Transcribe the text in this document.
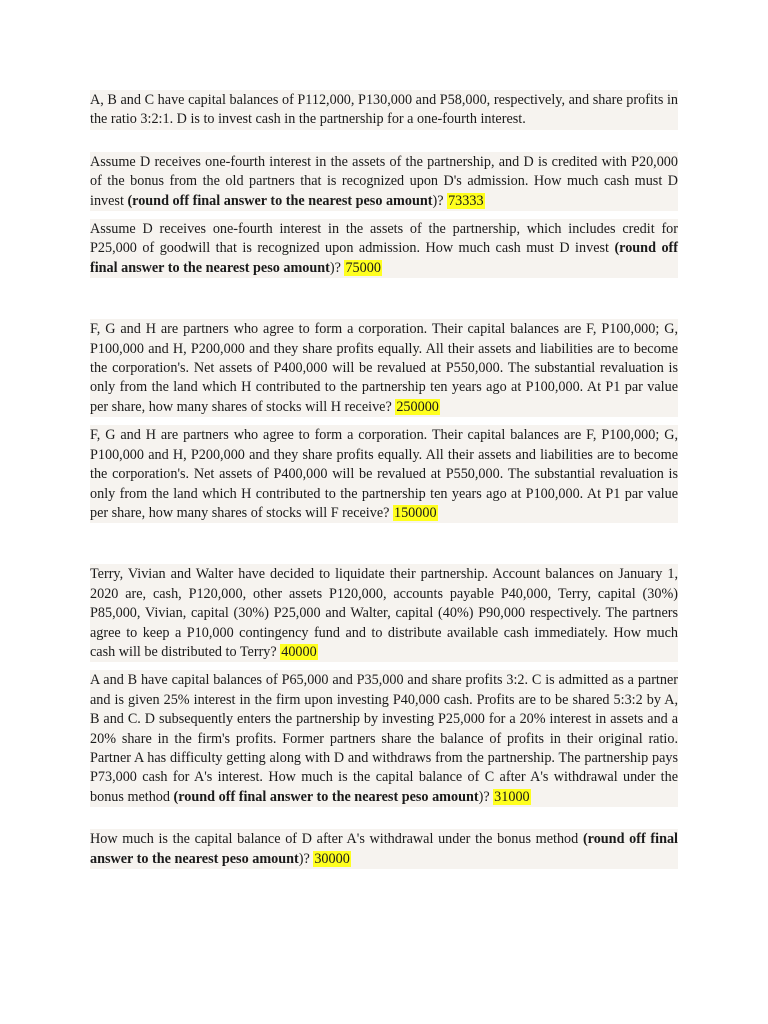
A, B and C have capital balances of P112,000, P130,000 and P58,000, respectively, and share profits in the ratio 3:2:1. D is to invest cash in the partnership for a one-fourth interest.

Assume D receives one-fourth interest in the assets of the partnership, and D is credited with P20,000 of the bonus from the old partners that is recognized upon D's admission. How much cash must D invest (round off final answer to the nearest peso amount)? 73333

Assume D receives one-fourth interest in the assets of the partnership, which includes credit for P25,000 of goodwill that is recognized upon admission. How much cash must D invest (round off final answer to the nearest peso amount)? 75000

F, G and H are partners who agree to form a corporation. Their capital balances are F, P100,000; G, P100,000 and H, P200,000 and they share profits equally. All their assets and liabilities are to become the corporation's. Net assets of P400,000 will be revalued at P550,000. The substantial revaluation is only from the land which H contributed to the partnership ten years ago at P100,000. At P1 par value per share, how many shares of stocks will H receive? 250000

F, G and H are partners who agree to form a corporation. Their capital balances are F, P100,000; G, P100,000 and H, P200,000 and they share profits equally. All their assets and liabilities are to become the corporation's. Net assets of P400,000 will be revalued at P550,000. The substantial revaluation is only from the land which H contributed to the partnership ten years ago at P100,000. At P1 par value per share, how many shares of stocks will F receive? 150000

Terry, Vivian and Walter have decided to liquidate their partnership. Account balances on January 1, 2020 are, cash, P120,000, other assets P120,000, accounts payable P40,000, Terry, capital (30%) P85,000, Vivian, capital (30%) P25,000 and Walter, capital (40%) P90,000 respectively. The partners agree to keep a P10,000 contingency fund and to distribute available cash immediately. How much cash will be distributed to Terry? 40000

A and B have capital balances of P65,000 and P35,000 and share profits 3:2. C is admitted as a partner and is given 25% interest in the firm upon investing P40,000 cash. Profits are to be shared 5:3:2 by A, B and C. D subsequently enters the partnership by investing P25,000 for a 20% interest in assets and a 20% share in the firm's profits. Former partners share the balance of profits in their original ratio. Partner A has difficulty getting along with D and withdraws from the partnership. The partnership pays P73,000 cash for A's interest. How much is the capital balance of C after A's withdrawal under the bonus method (round off final answer to the nearest peso amount)? 31000

How much is the capital balance of D after A's withdrawal under the bonus method (round off final answer to the nearest peso amount)? 30000
